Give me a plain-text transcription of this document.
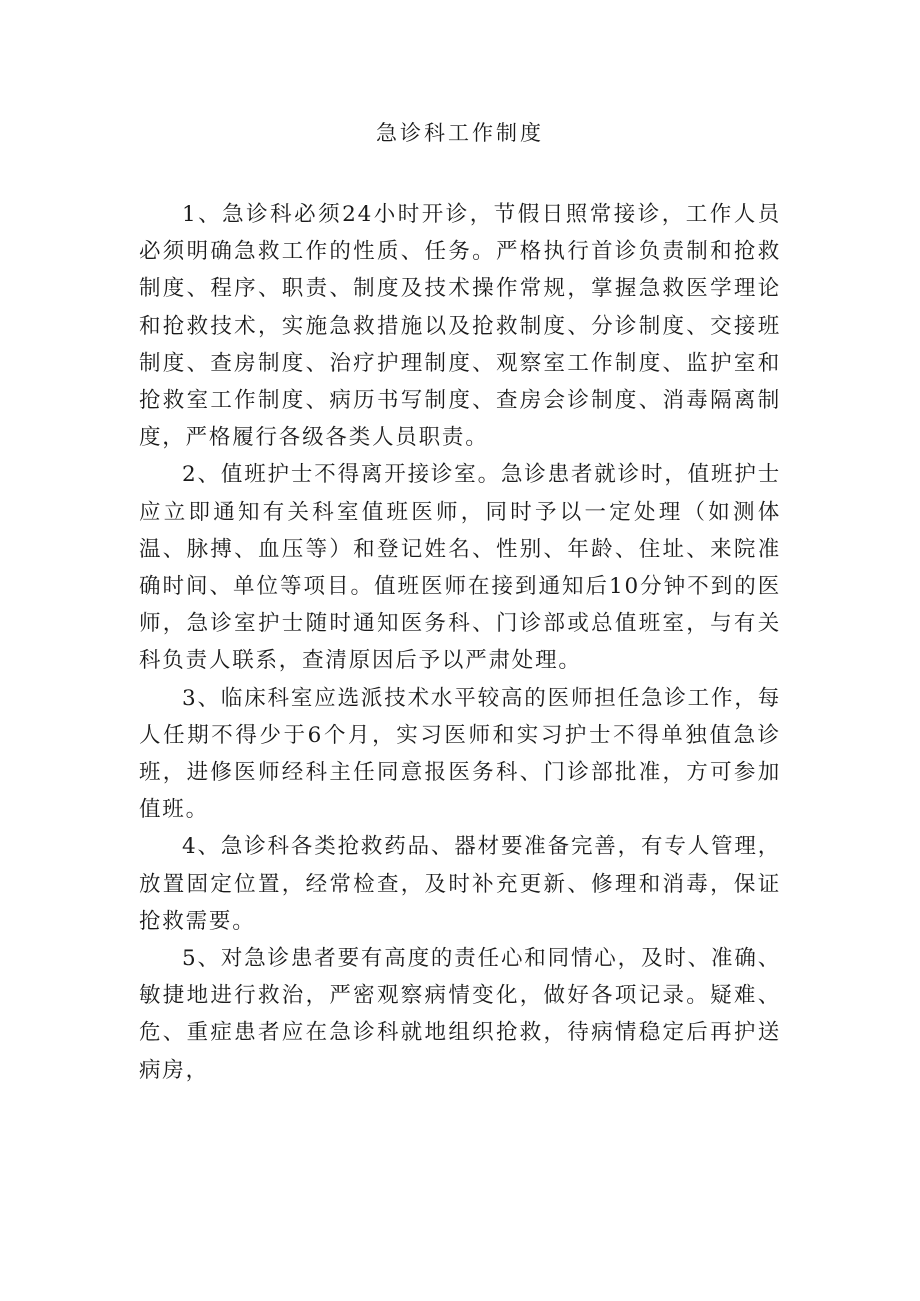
急诊科工作制度

1、急诊科必须24小时开诊，节假日照常接诊，工作人员必须明确急救工作的性质、任务。严格执行首诊负责制和抢救制度、程序、职责、制度及技术操作常规，掌握急救医学理论和抢救技术，实施急救措施以及抢救制度、分诊制度、交接班制度、查房制度、治疗护理制度、观察室工作制度、监护室和抢救室工作制度、病历书写制度、查房会诊制度、消毒隔离制度，严格履行各级各类人员职责。

2、值班护士不得离开接诊室。急诊患者就诊时，值班护士应立即通知有关科室值班医师，同时予以一定处理（如测体温、脉搏、血压等）和登记姓名、性别、年龄、住址、来院准确时间、单位等项目。值班医师在接到通知后10分钟不到的医师，急诊室护士随时通知医务科、门诊部或总值班室，与有关科负责人联系，查清原因后予以严肃处理。

3、临床科室应选派技术水平较高的医师担任急诊工作，每人任期不得少于6个月，实习医师和实习护士不得单独值急诊班，进修医师经科主任同意报医务科、门诊部批准，方可参加值班。

4、急诊科各类抢救药品、器材要准备完善，有专人管理，放置固定位置，经常检查，及时补充更新、修理和消毒，保证抢救需要。

5、对急诊患者要有高度的责任心和同情心，及时、准确、敏捷地进行救治，严密观察病情变化，做好各项记录。疑难、危、重症患者应在急诊科就地组织抢救，待病情稳定后再护送病房，
